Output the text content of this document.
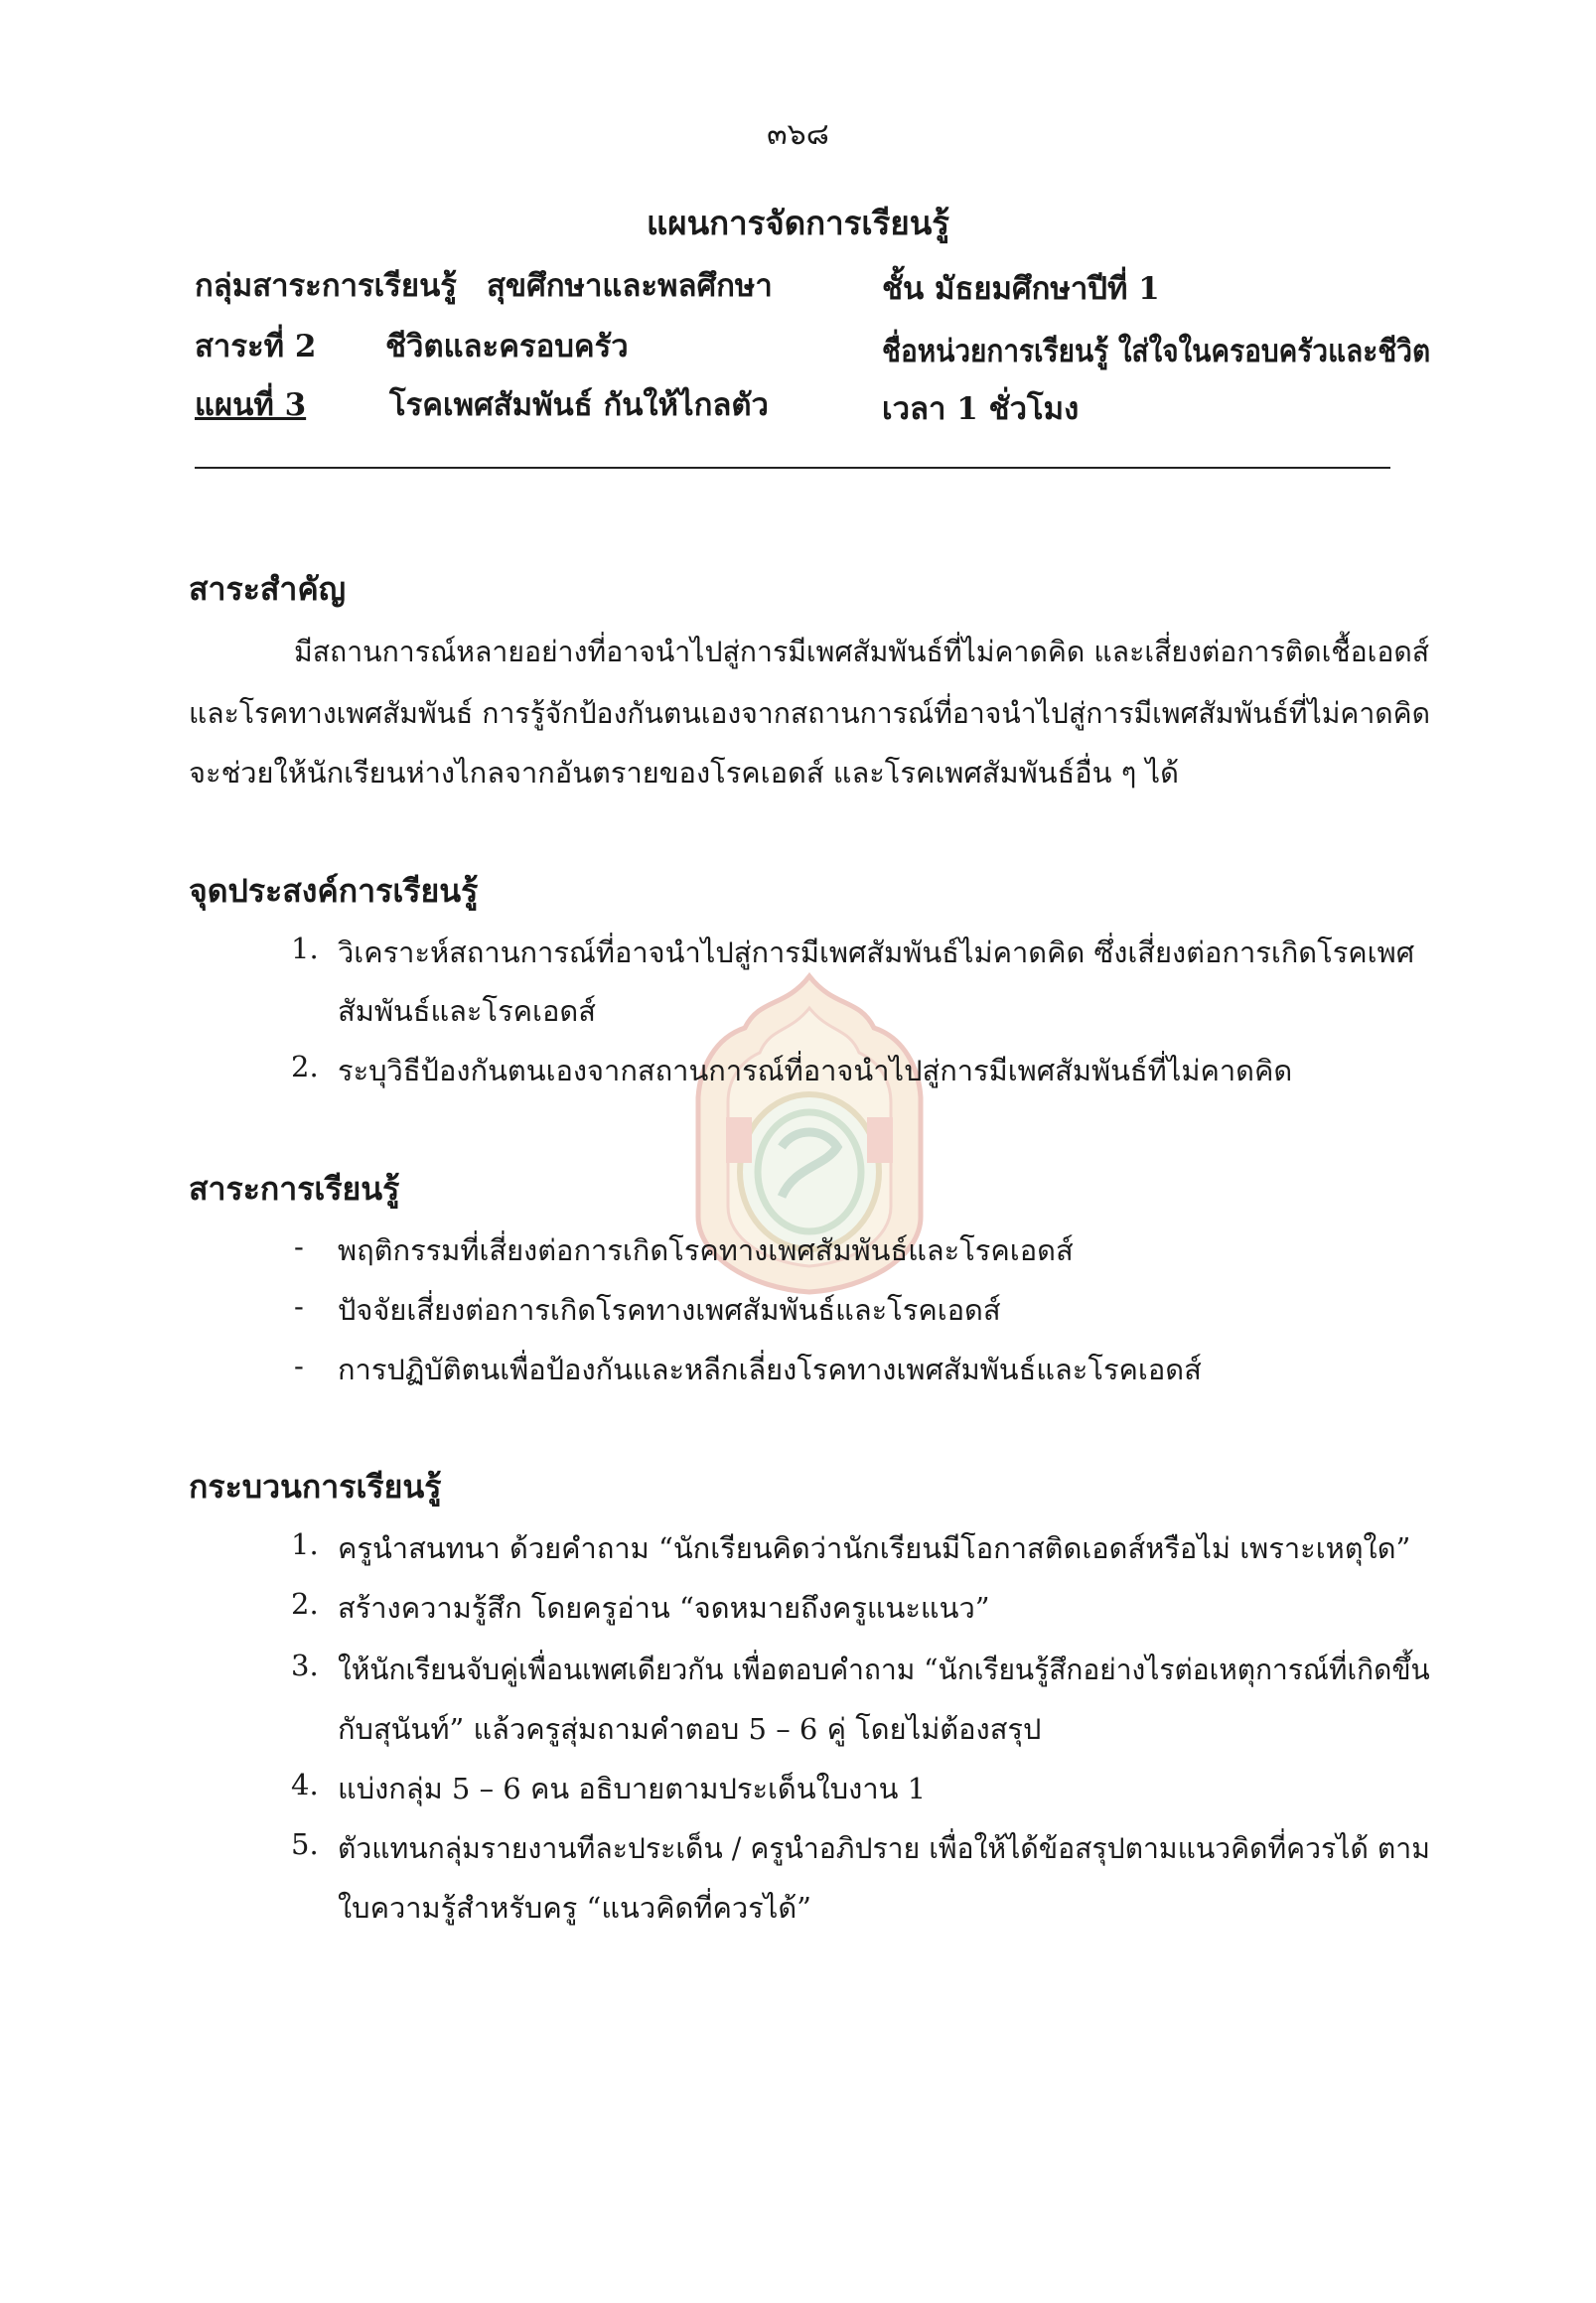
๓๖๘
แผนการจัดการเรียนรู้
กลุ่มสาระการเรียนรู้ สุขศึกษาและพลศึกษา	ชั้น มัธยมศึกษาปีที่ 1
สาระที่ 2 ชีวิตและครอบครัว	ชื่อหน่วยการเรียนรู้ ใส่ใจในครอบครัวและชีวิต
แผนที่ 3	โรคเพศสัมพันธ์ กันให้ไกลตัว	เวลา 1 ชั่วโมง
สาระสำคัญ
มีสถานการณ์หลายอย่างที่อาจนำไปสู่การมีเพศสัมพันธ์ที่ไม่คาดคิด และเสี่ยงต่อการติดเชื้อเอดส์
และโรคทางเพศสัมพันธ์ การรู้จักป้องกันตนเองจากสถานการณ์ที่อาจนำไปสู่การมีเพศสัมพันธ์ที่ไม่คาดคิด
จะช่วยให้นักเรียนห่างไกลจากอันตรายของโรคเอดส์ และโรคเพศสัมพันธ์อื่น ๆ ได้
จุดประสงค์การเรียนรู้
1. วิเคราะห์สถานการณ์ที่อาจนำไปสู่การมีเพศสัมพันธ์ไม่คาดคิด ซึ่งเสี่ยงต่อการเกิดโรคเพศ
สัมพันธ์และโรคเอดส์
2. ระบุวิธีป้องกันตนเองจากสถานการณ์ที่อาจนำไปสู่การมีเพศสัมพันธ์ที่ไม่คาดคิด
สาระการเรียนรู้
- พฤติกรรมที่เสี่ยงต่อการเกิดโรคทางเพศสัมพันธ์และโรคเอดส์
- ปัจจัยเสี่ยงต่อการเกิดโรคทางเพศสัมพันธ์และโรคเอดส์
- การปฏิบัติตนเพื่อป้องกันและหลีกเลี่ยงโรคทางเพศสัมพันธ์และโรคเอดส์
กระบวนการเรียนรู้
1. ครูนำสนทนา ด้วยคำถาม “นักเรียนคิดว่านักเรียนมีโอกาสติดเอดส์หรือไม่ เพราะเหตุใด”
2. สร้างความรู้สึก โดยครูอ่าน “จดหมายถึงครูแนะแนว”
3. ให้นักเรียนจับคู่เพื่อนเพศเดียวกัน เพื่อตอบคำถาม “นักเรียนรู้สึกอย่างไรต่อเหตุการณ์ที่เกิดขึ้น
กับสุนันท์” แล้วครูสุ่มถามคำตอบ 5 – 6 คู่ โดยไม่ต้องสรุป
4. แบ่งกลุ่ม 5 – 6 คน อธิบายตามประเด็นใบงาน 1
5. ตัวแทนกลุ่มรายงานทีละประเด็น / ครูนำอภิปราย เพื่อให้ได้ข้อสรุปตามแนวคิดที่ควรได้ ตาม
ใบความรู้สำหรับครู “แนวคิดที่ควรได้”
